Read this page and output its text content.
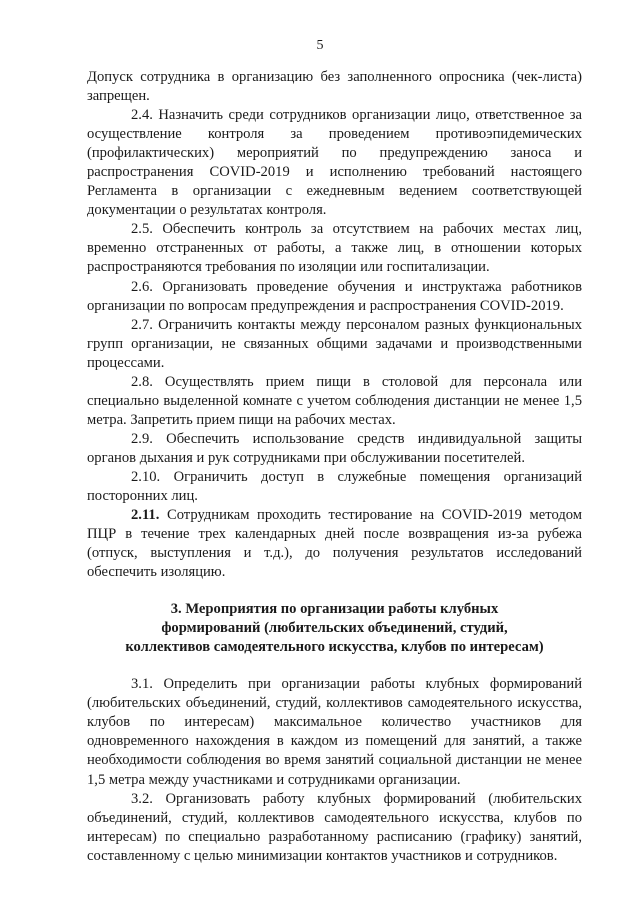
5

Допуск сотрудника в организацию без заполненного опросника (чек-листа) запрещен.

2.4. Назначить среди сотрудников организации лицо, ответственное за осуществление контроля за проведением противоэпидемических (профилактических) мероприятий по предупреждению заноса и распространения COVID-2019 и исполнению требований настоящего Регламента в организации с ежедневным ведением соответствующей документации о результатах контроля.

2.5. Обеспечить контроль за отсутствием на рабочих местах лиц, временно отстраненных от работы, а также лиц, в отношении которых распространяются требования по изоляции или госпитализации.

2.6. Организовать проведение обучения и инструктажа работников организации по вопросам предупреждения и распространения COVID-2019.

2.7. Ограничить контакты между персоналом разных функциональных групп организации, не связанных общими задачами и производственными процессами.

2.8. Осуществлять прием пищи в столовой для персонала или специально выделенной комнате с учетом соблюдения дистанции не менее 1,5 метра. Запретить прием пищи на рабочих местах.

2.9. Обеспечить использование средств индивидуальной защиты органов дыхания и рук сотрудниками при обслуживании посетителей.

2.10. Ограничить доступ в служебные помещения организаций посторонних лиц.

2.11. Сотрудникам проходить тестирование на COVID-2019 методом ПЦР в течение трех календарных дней после возвращения из-за рубежа (отпуск, выступления и т.д.), до получения результатов исследований обеспечить изоляцию.

3. Мероприятия по организации работы клубных
формирований (любительских объединений, студий,
коллективов самодеятельного искусства, клубов по интересам)

3.1. Определить при организации работы клубных формирований (любительских объединений, студий, коллективов самодеятельного искусства, клубов по интересам) максимальное количество участников для одновременного нахождения в каждом из помещений для занятий, а также необходимости соблюдения во время занятий социальной дистанции не менее 1,5 метра между участниками и сотрудниками организации.

3.2. Организовать работу клубных формирований (любительских объединений, студий, коллективов самодеятельного искусства, клубов по интересам) по специально разработанному расписанию (графику) занятий, составленному с целью минимизации контактов участников и сотрудников.
